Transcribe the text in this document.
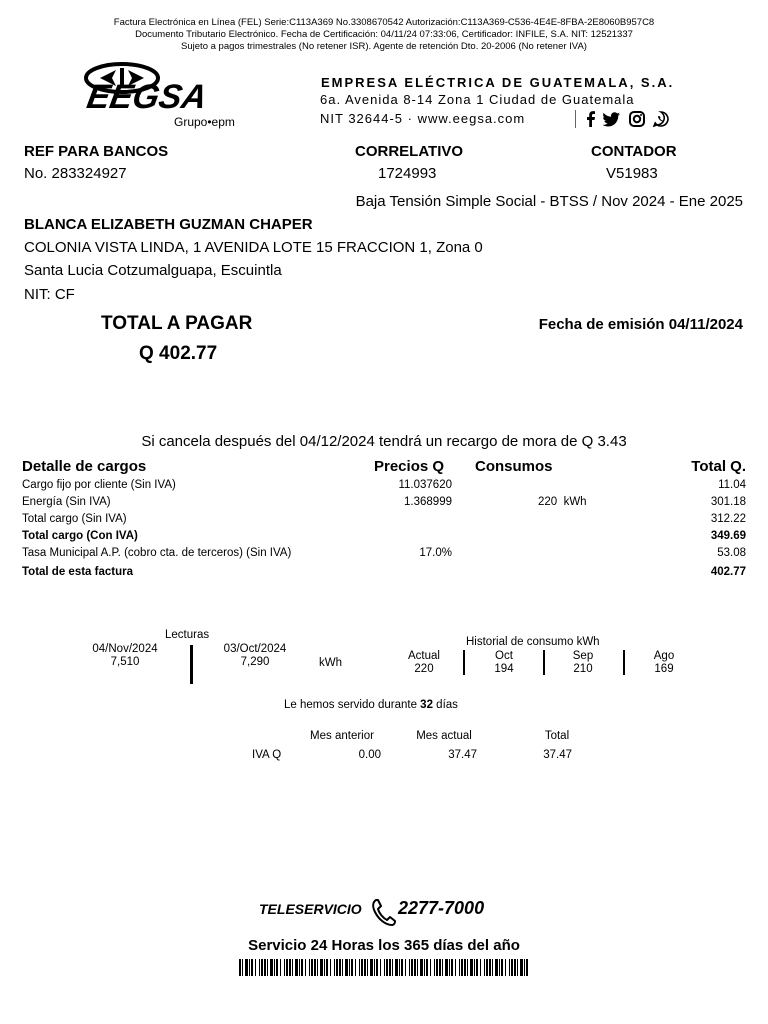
Factura Electrónica en Línea (FEL) Serie:C113A369 No.3308670542 Autorización:C113A369-C536-4E4E-8FBA-2E8060B957C8
Documento Tributario Electrónico. Fecha de Certificación: 04/11/24 07:33:06, Certificador: INFILE, S.A. NIT: 12521337
Sujeto a pagos trimestrales (No retener ISR). Agente de retención Dto. 20-2006 (No retener IVA)
EEGSA
Grupo•epm
EMPRESA ELÉCTRICA DE GUATEMALA, S.A.
6a. Avenida 8-14 Zona 1 Ciudad de Guatemala
NIT 32644-5 · www.eegsa.com
REF PARA BANCOS
No. 283324927
CORRELATIVO
1724993
CONTADOR
V51983
Baja Tensión Simple Social - BTSS / Nov 2024 - Ene 2025
BLANCA ELIZABETH GUZMAN CHAPER
COLONIA VISTA LINDA, 1 AVENIDA LOTE 15 FRACCION 1, Zona 0
Santa Lucia Cotzumalguapa, Escuintla
NIT: CF
TOTAL A PAGAR
Q 402.77
Fecha de emisión 04/11/2024
Si cancela después del 04/12/2024 tendrá un recargo de mora de Q 3.43
Detalle de cargos	Precios Q Consumos	Total Q.
Cargo fijo por cliente (Sin IVA)	11.037620	11.04
Energía (Sin IVA)	1.368999	220  kWh	301.18
Total cargo (Sin IVA)	312.22
Total cargo (Con IVA)	349.69
Tasa Municipal A.P. (cobro cta. de terceros) (Sin IVA)	17.0%	53.08
Total de esta factura	402.77
Lecturas
04/Nov/2024
7,510
03/Oct/2024
7,290	kWh
Historial de consumo kWh
Actual
220
Oct
194
Sep
210
Ago
169
Le hemos servido durante 32 días
Mes anterior	Mes actual	Total
IVA Q	0.00	37.47	37.47
TELESERVICIO 2277-7000
Servicio 24 Horas los 365 días del año
